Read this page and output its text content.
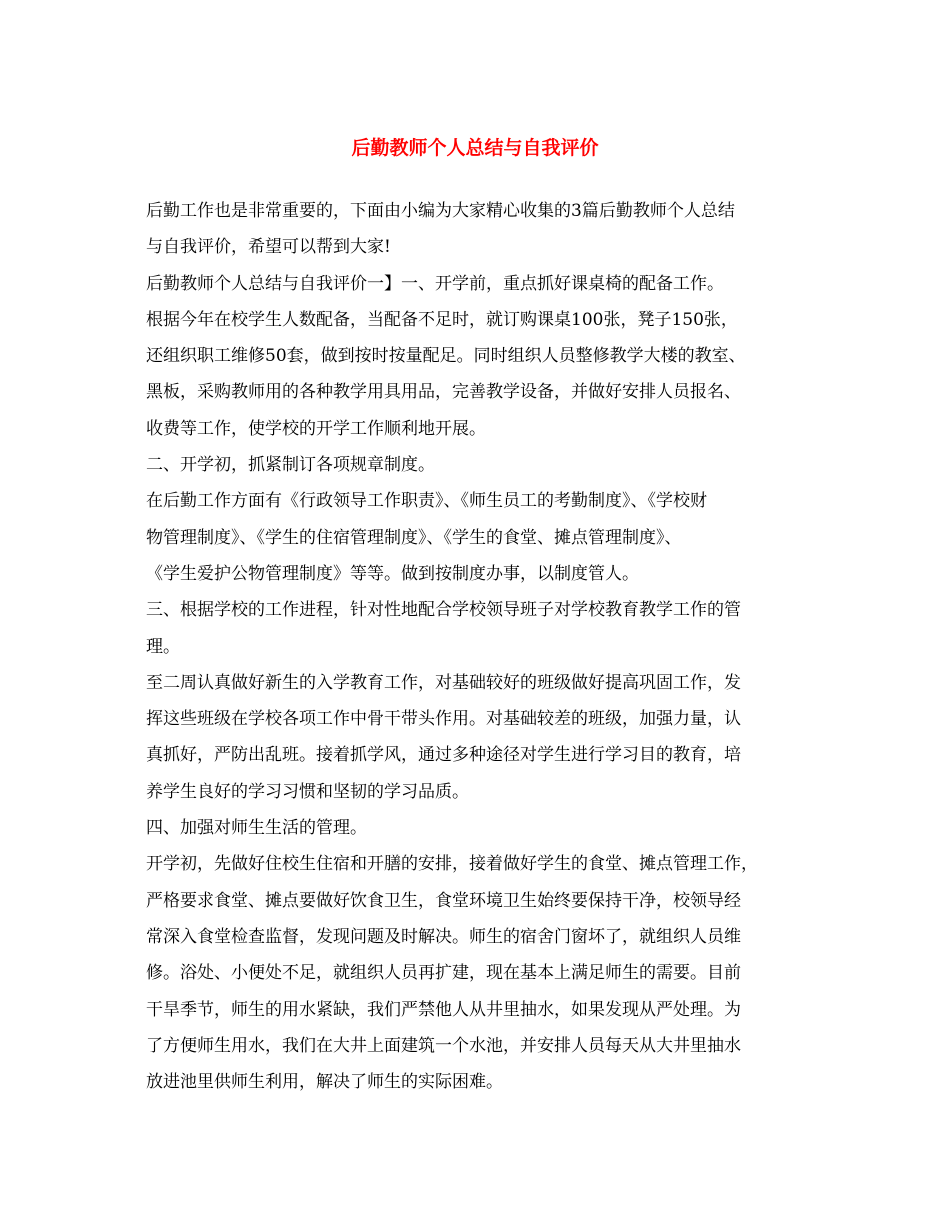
后勤教师个人总结与自我评价
后勤工作也是非常重要的，下面由小编为大家精心收集的3篇后勤教师个人总结
与自我评价，希望可以帮到大家!
后勤教师个人总结与自我评价一】一、开学前，重点抓好课桌椅的配备工作。
根据今年在校学生人数配备，当配备不足时，就订购课桌100张，凳子150张，
还组织职工维修50套，做到按时按量配足。同时组织人员整修教学大楼的教室、
黑板，采购教师用的各种教学用具用品，完善教学设备，并做好安排人员报名、
收费等工作，使学校的开学工作顺利地开展。
二、开学初，抓紧制订各项规章制度。
在后勤工作方面有《行政领导工作职责》、《师生员工的考勤制度》、《学校财
物管理制度》、《学生的住宿管理制度》、《学生的食堂、摊点管理制度》、
《学生爱护公物管理制度》等等。做到按制度办事，以制度管人。
三、根据学校的工作进程，针对性地配合学校领导班子对学校教育教学工作的管
理。
至二周认真做好新生的入学教育工作，对基础较好的班级做好提高巩固工作，发
挥这些班级在学校各项工作中骨干带头作用。对基础较差的班级，加强力量，认
真抓好，严防出乱班。接着抓学风，通过多种途径对学生进行学习目的教育，培
养学生良好的学习习惯和坚韧的学习品质。
四、加强对师生生活的管理。
开学初，先做好住校生住宿和开膳的安排，接着做好学生的食堂、摊点管理工作，
严格要求食堂、摊点要做好饮食卫生，食堂环境卫生始终要保持干净，校领导经
常深入食堂检查监督，发现问题及时解决。师生的宿舍门窗坏了，就组织人员维
修。浴处、小便处不足，就组织人员再扩建，现在基本上满足师生的需要。目前
干旱季节，师生的用水紧缺，我们严禁他人从井里抽水，如果发现从严处理。为
了方便师生用水，我们在大井上面建筑一个水池，并安排人员每天从大井里抽水
放进池里供师生利用，解决了师生的实际困难。
